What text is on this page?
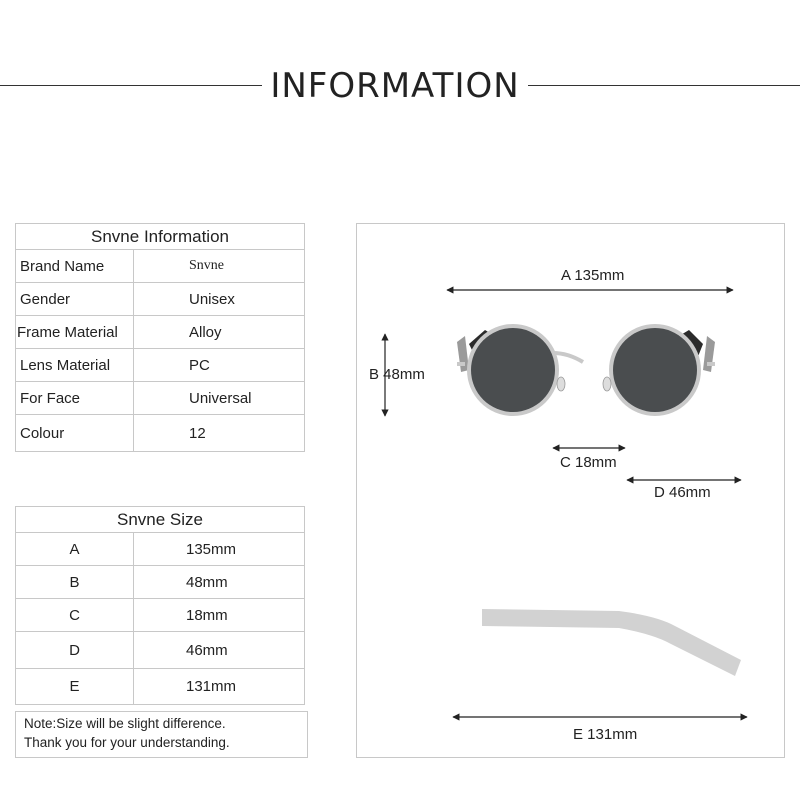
INFORMATION
Snvne Information	
Brand Name	Snvne
Gender	Unisex
Frame Material	Alloy
Lens Material	PC
For Face	Universal
Colour	12
Snvne Size	
A	135mm
B	48mm
C	18mm
D	46mm
E	131mm
Note:Size will be slight difference.
Thank you for your understanding.
A 135mm
B 48mm
C 18mm
D 46mm
E 131mm
